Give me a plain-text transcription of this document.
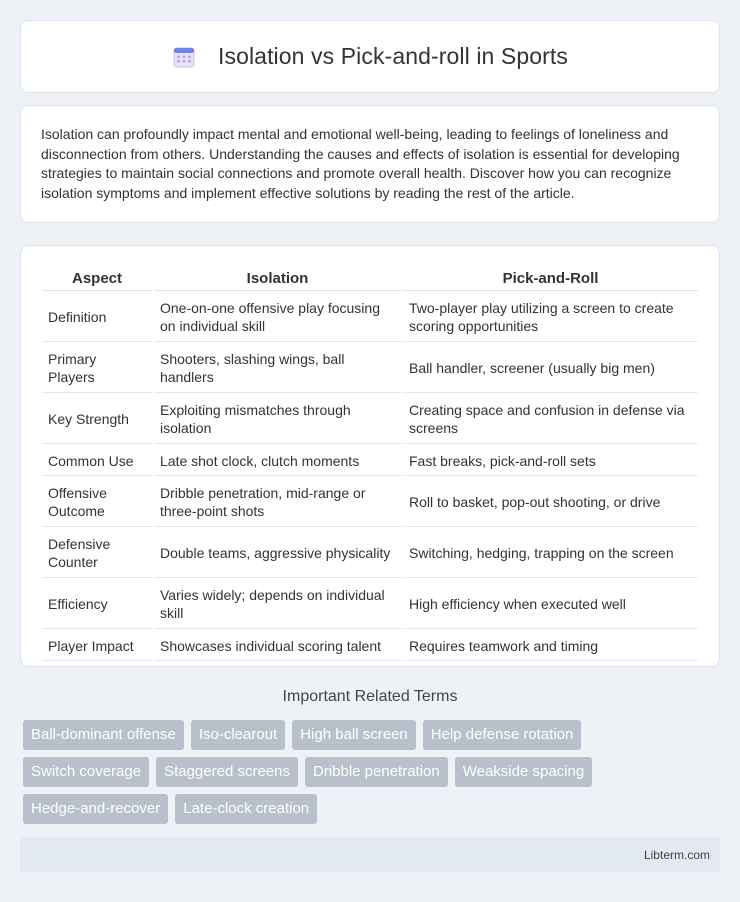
Isolation vs Pick-and-roll in Sports

Isolation can profoundly impact mental and emotional well-being, leading to feelings of loneliness and disconnection from others. Understanding the causes and effects of isolation is essential for developing strategies to maintain social connections and promote overall health. Discover how you can recognize isolation symptoms and implement effective solutions by reading the rest of the article.

Aspect	Isolation	Pick-and-Roll
Definition	One-on-one offensive play focusing on individual skill	Two-player play utilizing a screen to create scoring opportunities
Primary Players	Shooters, slashing wings, ball handlers	Ball handler, screener (usually big men)
Key Strength	Exploiting mismatches through isolation	Creating space and confusion in defense via screens
Common Use	Late shot clock, clutch moments	Fast breaks, pick-and-roll sets
Offensive Outcome	Dribble penetration, mid-range or three-point shots	Roll to basket, pop-out shooting, or drive
Defensive Counter	Double teams, aggressive physicality	Switching, hedging, trapping on the screen
Efficiency	Varies widely; depends on individual skill	High efficiency when executed well
Player Impact	Showcases individual scoring talent	Requires teamwork and timing
Important Related Terms
Ball-dominant offense	Iso-clearout	High ball screen	Help defense rotation
Switch coverage	Staggered screens	Dribble penetration	Weakside spacing
Hedge-and-recover	Late-clock creation
Libterm.com
